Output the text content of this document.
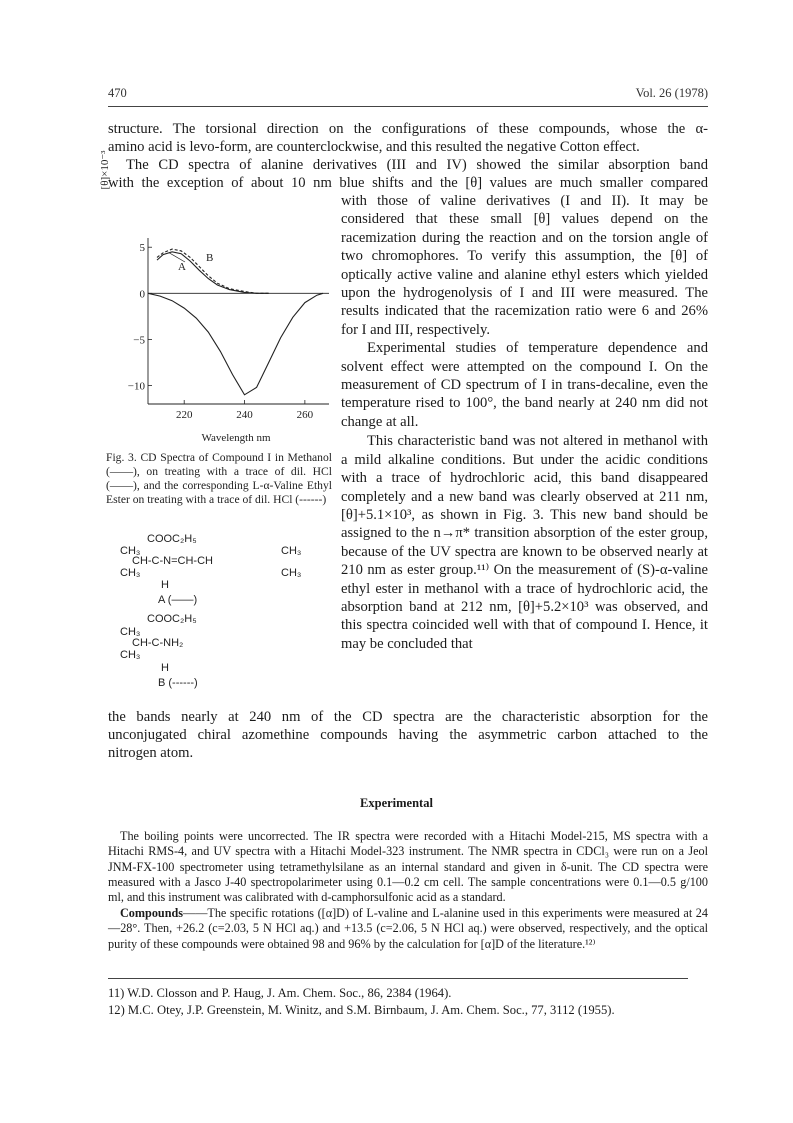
470	Vol. 26 (1978)

structure. The torsional direction on the configurations of these compounds, whose the α-

amino acid is levo-form, are counterclockwise, and this resulted the negative Cotton effect.

The CD spectra of alanine derivatives (III and IV) showed the similar absorption band

with the exception of about 10 nm blue shifts and the [θ] values are much smaller compared

with those of valine derivatives (I and II). It may be considered that these small [θ] values depend on the racemization during the reaction and on the torsion angle of two chromophores. To verify this assumption, the [θ] of optically active valine and alanine ethyl esters which yielded upon the hydrogenolysis of I and III were measured. The results indicated that the racemization ratio were 6 and 26% for I and III, respectively.

Experimental studies of temperature dependence and solvent effect were attempted on the compound I. On the measurement of CD spectrum of I in trans-decaline, even the temperature rised to 100°, the band nearly at 240 nm did not change at all.

This characteristic band was not altered in methanol with a mild alkaline conditions. But under the acidic conditions with a trace of hydrochloric acid, this band disappeared completely and a new band was clearly observed at 211 nm, [θ]+5.1×10³, as shown in Fig. 3. This new band should be assigned to the n→π* transition absorption of the ester group, because of the UV spectra are known to be observed nearly at 210 nm as ester group.¹¹⁾ On the measurement of (S)-α-valine ethyl ester in methanol with a trace of hydrochloric acid, the absorption band at 212 nm, [θ]+5.2×10³ was observed, and this spectra coincided well with that of compound I. Hence, it may be concluded that

the bands nearly at 240 nm of the CD spectra are the characteristic absorption for the

unconjugated chiral azomethine compounds having the asymmetric carbon attached to the

nitrogen atom.

5
0
−5
−10
220	240	260
A
B
[θ]×10⁻³
Wavelength nm

Fig. 3. CD Spectra of Compound I in Methanol (——), on treating with a trace of dil. HCl (——), and the corresponding L-α-Valine Ethyl Ester on treating with a trace of dil. HCl (------)

COOC₂H₅
CH₃
CH-C-N=CH-CH
CH₃
CH₃	CH₃
H
A (——)
COOC₂H₅
CH₃
CH-C-NH₂
CH₃
H
B (------)
Experimental

The boiling points were uncorrected. The IR spectra were recorded with a Hitachi Model-215, MS spectra with a Hitachi RMS-4, and UV spectra with a Hitachi Model-323 instrument. The NMR spectra in CDCl₃ were run on a Jeol JNM-FX-100 spectrometer using tetramethylsilane as an internal standard and given in δ-unit. The CD spectra were measured with a Jasco J-40 spectropolarimeter using 0.1—0.2 cm cell. The sample concentrations were 0.1—0.5 g/100 ml, and this instrument was calibrated with d-camphorsulfonic acid as a standard.

Compounds——The specific rotations ([α]D) of L-valine and L-alanine used in this experiments were measured at 24—28°. Then, +26.2 (c=2.03, 5 N HCl aq.) and +13.5 (c=2.06, 5 N HCl aq.) were observed, respectively, and the optical purity of these compounds were obtained 98 and 96% by the calculation for [α]D of the literature.¹²⁾

11) W.D. Closson and P. Haug, J. Am. Chem. Soc., 86, 2384 (1964).

12) M.C. Otey, J.P. Greenstein, M. Winitz, and S.M. Birnbaum, J. Am. Chem. Soc., 77, 3112 (1955).
